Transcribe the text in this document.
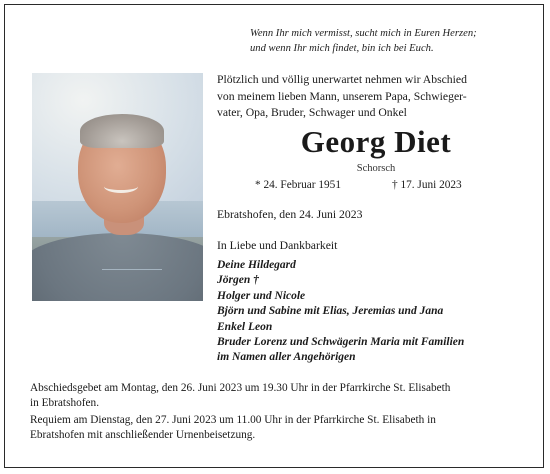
Wenn Ihr mich vermisst, sucht mich in Euren Herzen;
und wenn Ihr mich findet, bin ich bei Euch.
Plötzlich und völlig unerwartet nehmen wir Abschied
von meinem lieben Mann, unserem Papa, Schwieger-
vater, Opa, Bruder, Schwager und Onkel
Georg Diet
Schorsch
* 24. Februar 1951	† 17. Juni 2023
Ebratshofen, den 24. Juni 2023
In Liebe und Dankbarkeit
Deine Hildegard
Jörgen †
Holger und Nicole
Björn und Sabine mit Elias, Jeremias und Jana
Enkel Leon
Bruder Lorenz und Schwägerin Maria mit Familien
im Namen aller Angehörigen
Abschiedsgebet am Montag, den 26. Juni 2023 um 19.30 Uhr in der Pfarrkirche St. Elisabeth
in Ebratshofen.
Requiem am Dienstag, den 27. Juni 2023 um 11.00 Uhr in der Pfarrkirche St. Elisabeth in
Ebratshofen mit anschließender Urnenbeisetzung.
